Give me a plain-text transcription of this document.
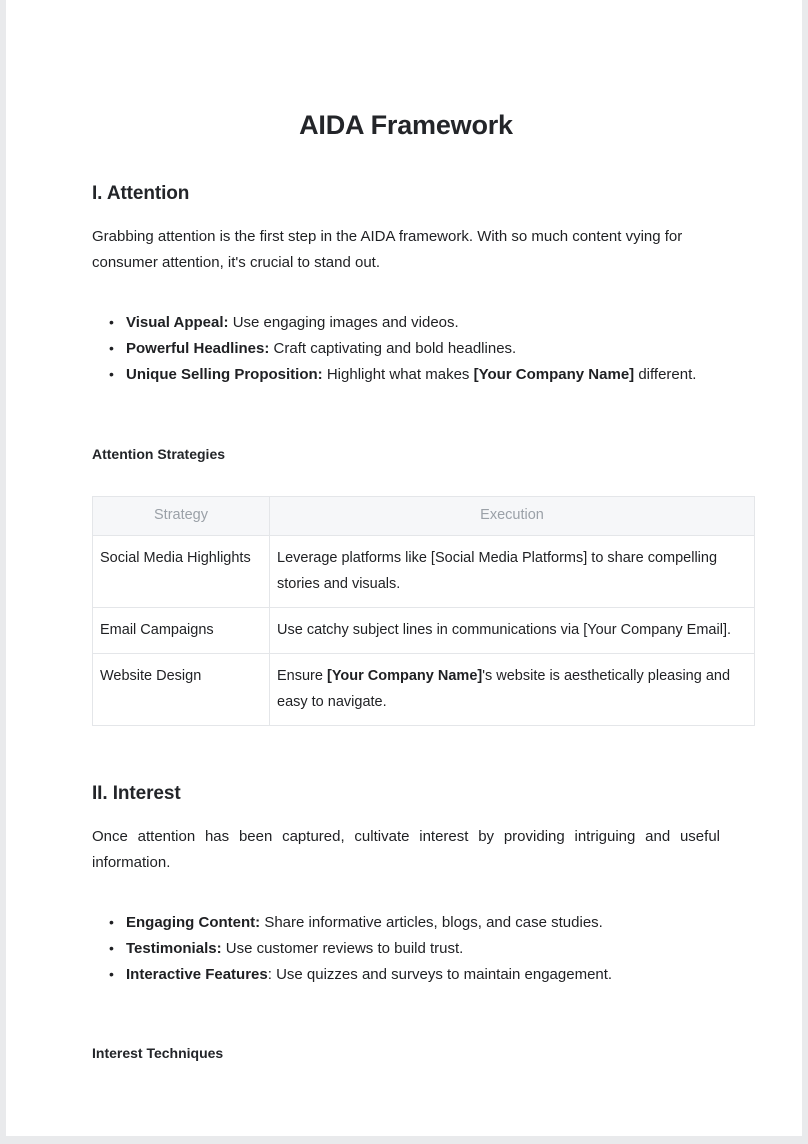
AIDA Framework
I. Attention

Grabbing attention is the first step in the AIDA framework. With so much content vying for consumer attention, it's crucial to stand out.

• Visual Appeal: Use engaging images and videos.
• Powerful Headlines: Craft captivating and bold headlines.
• Unique Selling Proposition: Highlight what makes [Your Company Name] different.
Attention Strategies
Strategy	Execution
Social Media Highlights	Leverage platforms like [Social Media Platforms] to share compelling stories and visuals.
Email Campaigns	Use catchy subject lines in communications via [Your Company Email].
Website Design	Ensure [Your Company Name]'s website is aesthetically pleasing and easy to navigate.
II. Interest

Once attention has been captured, cultivate interest by providing intriguing and useful information.

• Engaging Content: Share informative articles, blogs, and case studies.
• Testimonials: Use customer reviews to build trust.
• Interactive Features: Use quizzes and surveys to maintain engagement.
Interest Techniques
